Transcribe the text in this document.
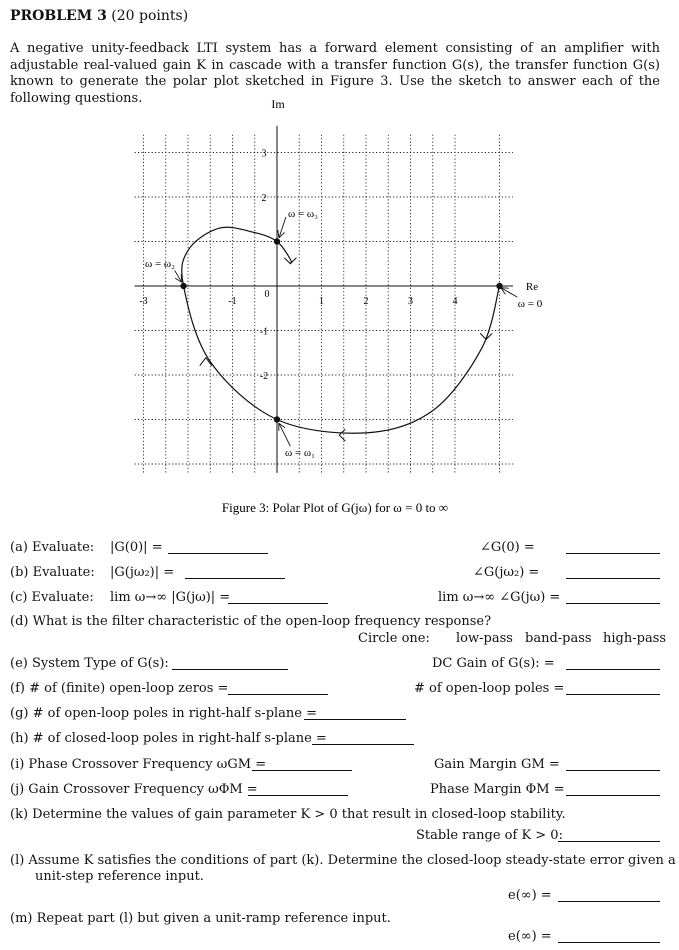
PROBLEM 3 (20 points)
A negative unity-feedback LTI system has a forward element consisting of an amplifier with adjustable real-valued gain K in cascade with a transfer function G(s), the transfer function G(s) known to generate the polar plot sketched in Figure 3. Use the sketch to answer each of the following questions.
-3	-1
0
1	2	3	4
3
2
-1
-2
Im
Re
ω = 0
ω = ω₁
ω = ω₂
ω = ω₃
Figure 3: Polar Plot of G(jω) for ω = 0 to ∞
(a) Evaluate: |G(0)| =	∠G(0) =
(b) Evaluate: |G(jω₂)| =	∠G(jω₂) =
(c) Evaluate: lim ω→∞ |G(jω)| =	lim ω→∞ ∠G(jω) =
(d) What is the filter characteristic of the open-loop frequency response?
Circle one: low-pass band-pass high-pass
(e) System Type of G(s):	DC Gain of G(s): =
(f) # of (finite) open-loop zeros =	# of open-loop poles =
(g) # of open-loop poles in right-half s-plane =
(h) # of closed-loop poles in right-half s-plane =
(i) Phase Crossover Frequency ωGM =	Gain Margin GM =
(j) Gain Crossover Frequency ωΦM =	Phase Margin ΦM =
(k) Determine the values of gain parameter K > 0 that result in closed-loop stability.
Stable range of K > 0:
(l) Assume K satisfies the conditions of part (k). Determine the closed-loop steady-state error given a
unit-step reference input.
e(∞) =
(m) Repeat part (l) but given a unit-ramp reference input.
e(∞) =
